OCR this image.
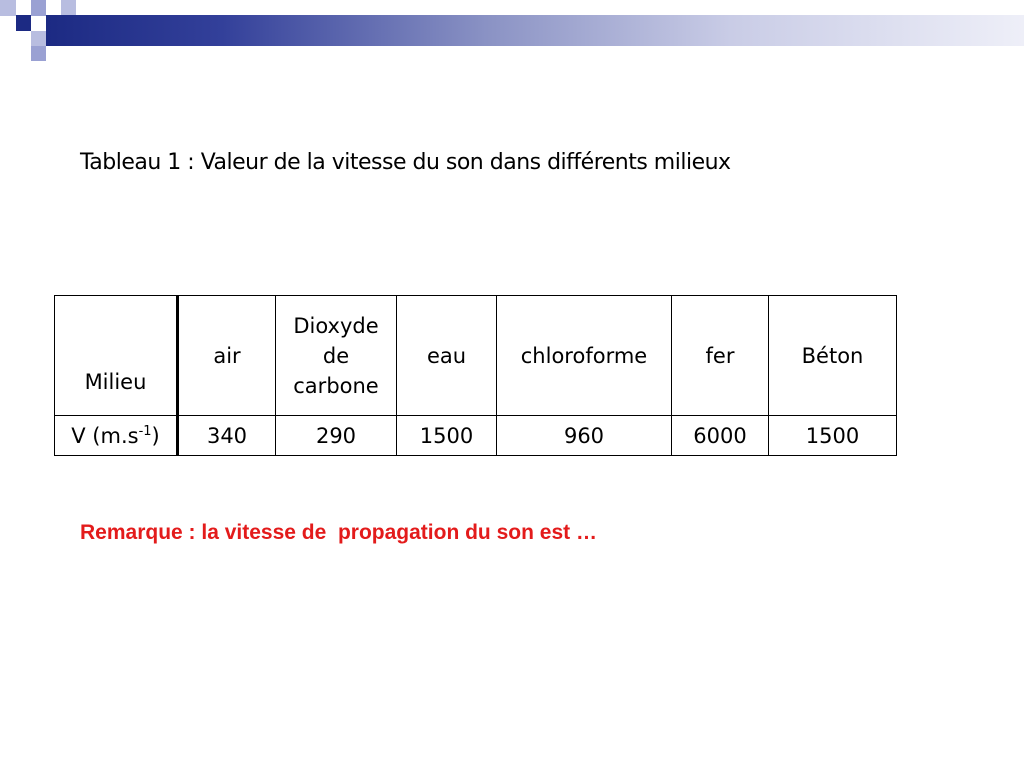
Tableau 1 : Valeur de la vitesse du son dans différents milieux
Milieu	air	Dioxyde
de
carbone	eau	chloroforme	fer	Béton
V $(m.s^{-1})$	340	290	1500	960	6000	1500
Remarque : la vitesse de  propagation du son est …
